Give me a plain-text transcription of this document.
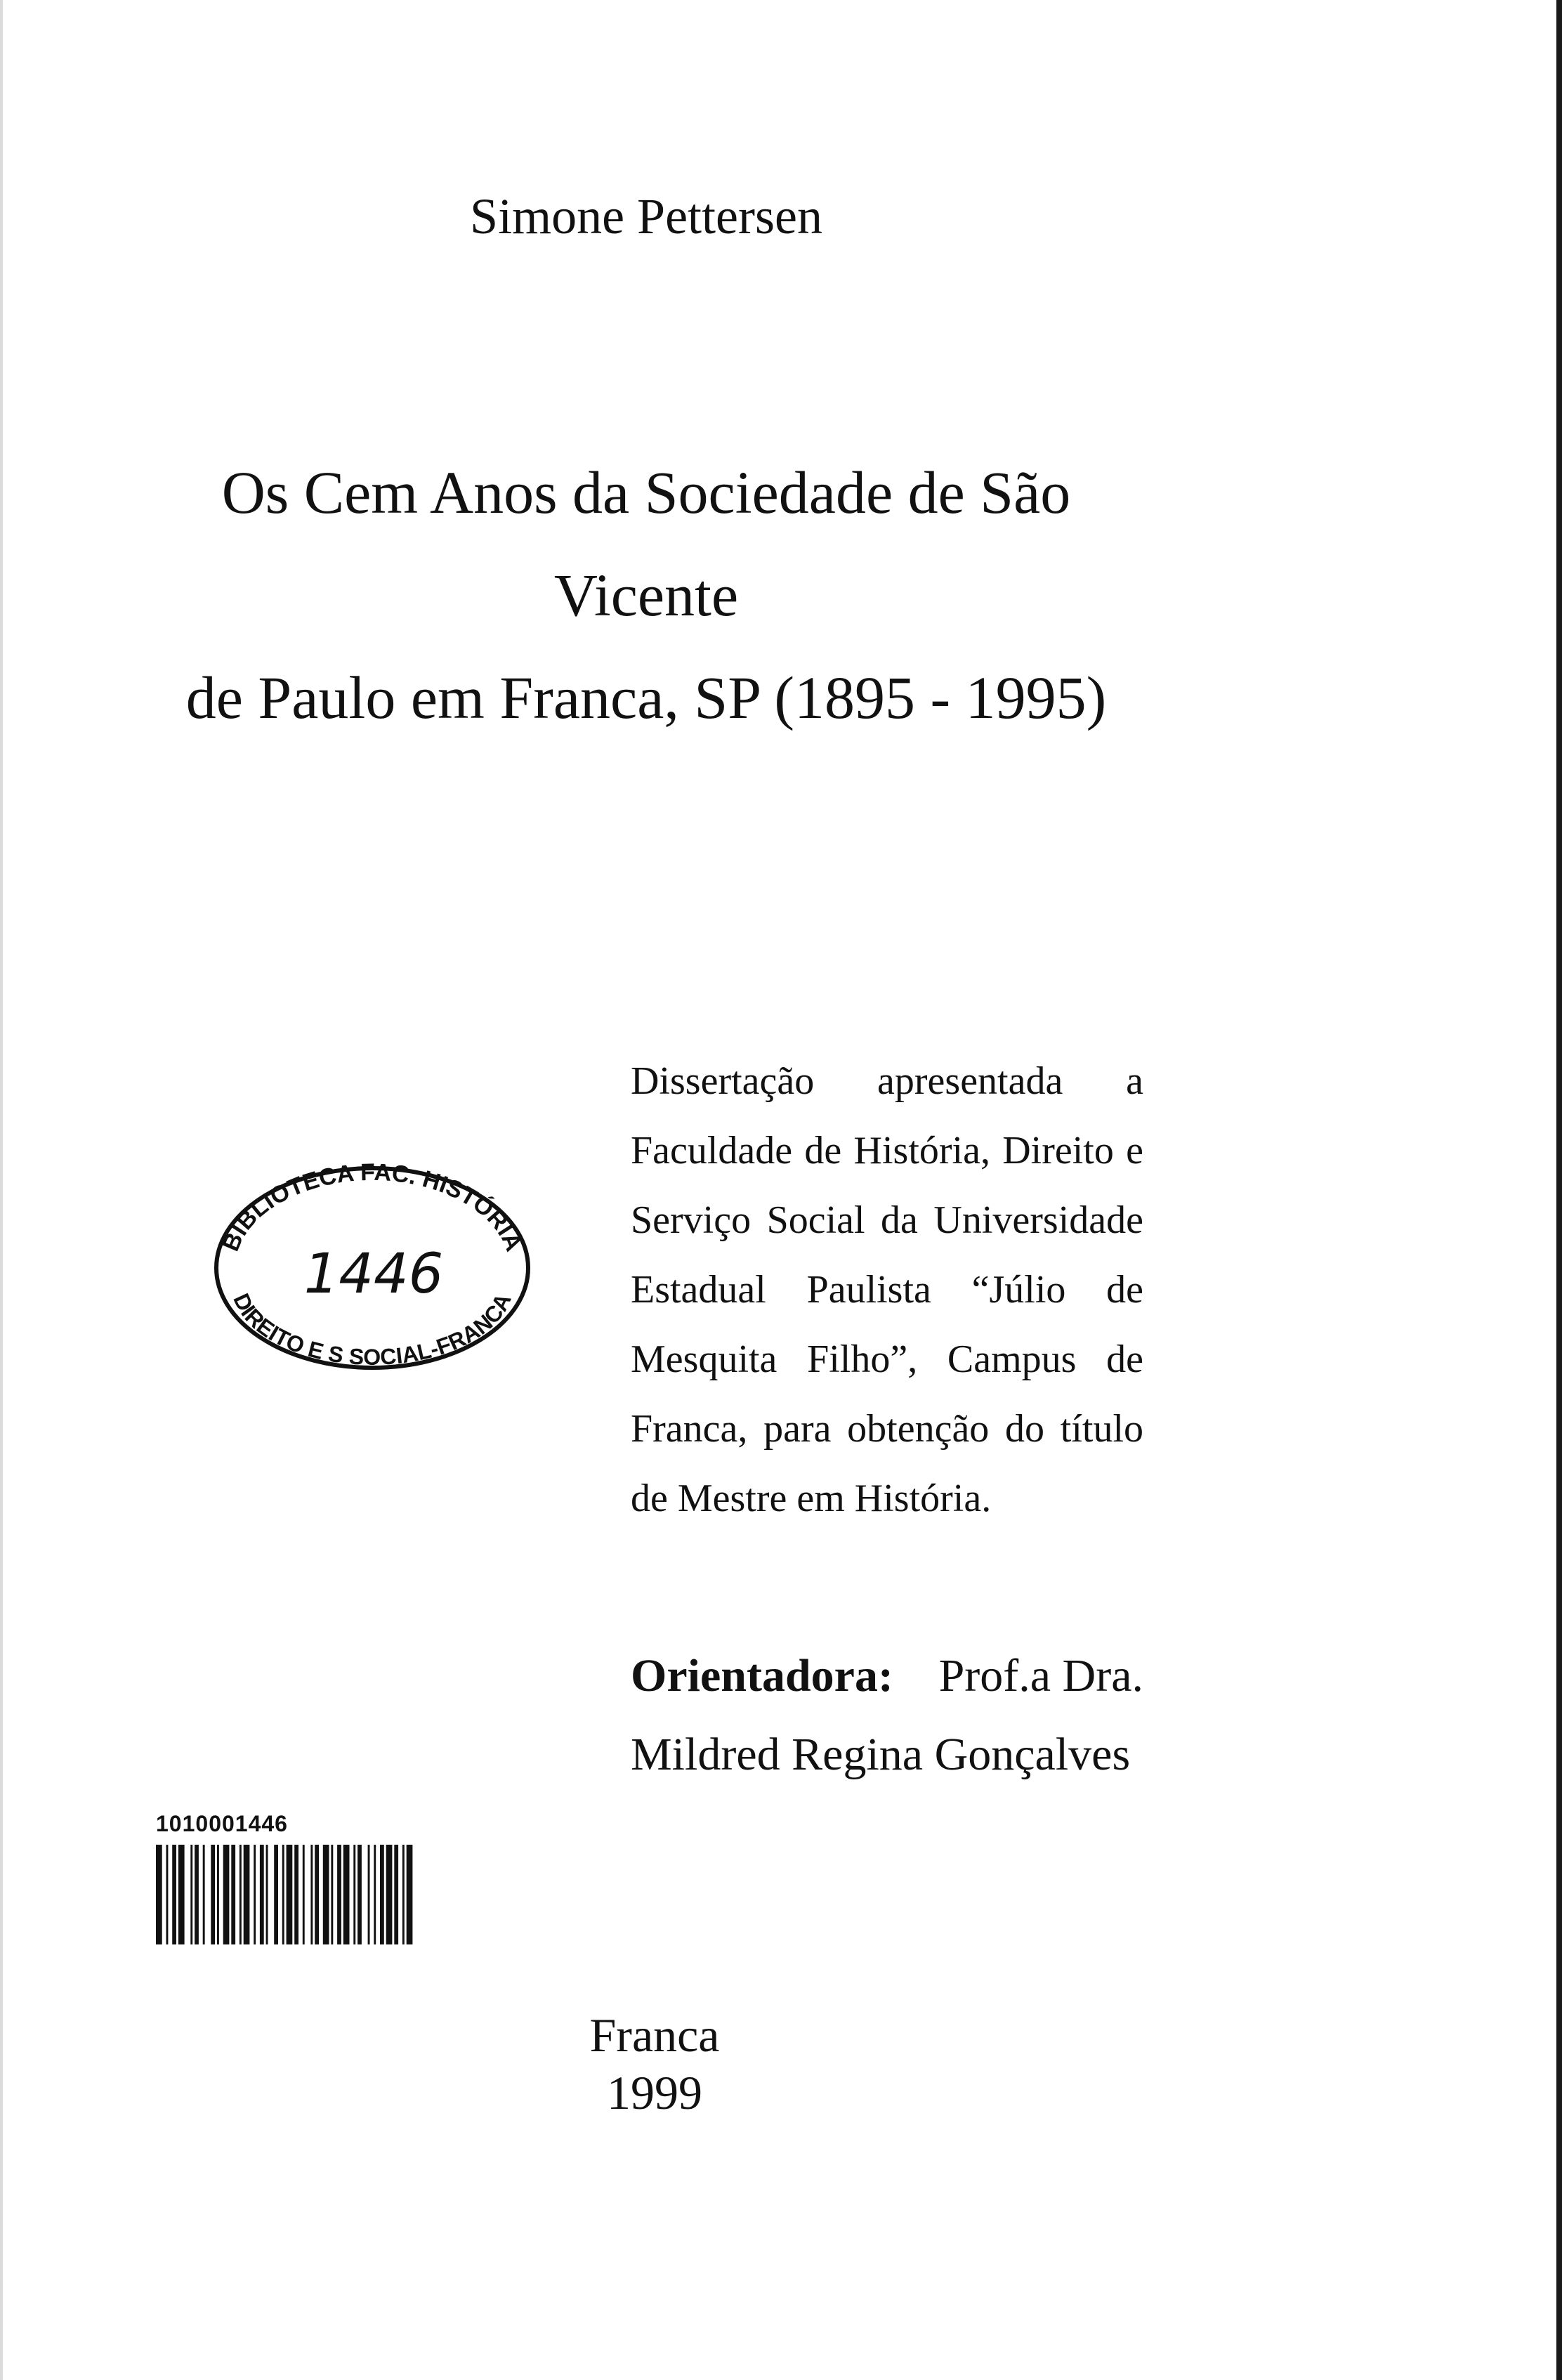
Simone Pettersen
Os Cem Anos da Sociedade de São Vicente
de Paulo em Franca, SP (1895 - 1995)
BIBLIOTECA FAC. HISTÓRIA
DIREITO E S SOCIAL-FRANCA
1446
Dissertação apresentada a Faculdade de História, Direito e Serviço Social da Universidade Estadual Paulista “Júlio de Mesquita Filho”, Campus de Franca, para obtenção do título de Mestre em História.
Orientadora: Prof.a Dra.
Mildred Regina Gonçalves
1010001446
Franca
1999
